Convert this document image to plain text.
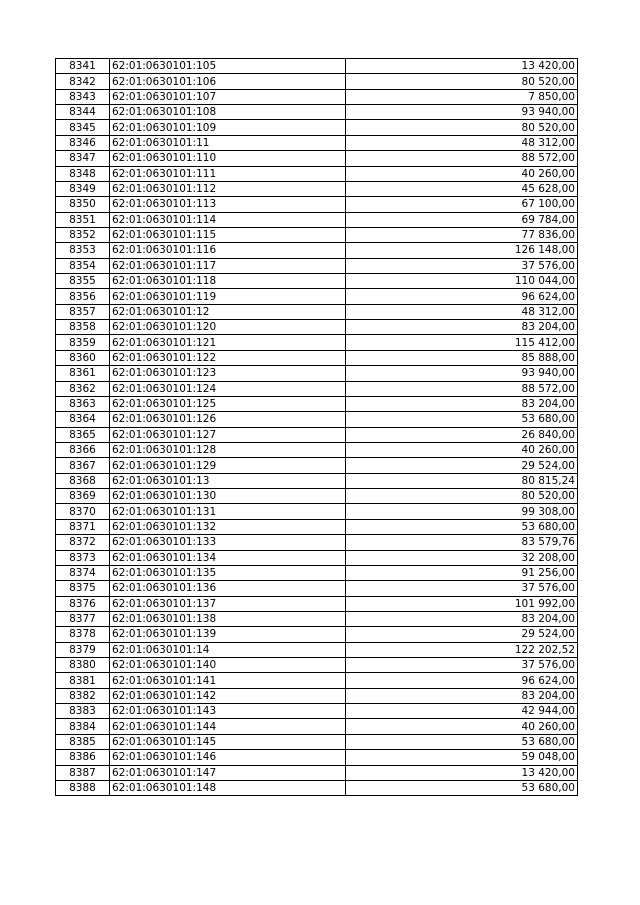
8341	62:01:0630101:105	13 420,00
8342	62:01:0630101:106	80 520,00
8343	62:01:0630101:107	7 850,00
8344	62:01:0630101:108	93 940,00
8345	62:01:0630101:109	80 520,00
8346	62:01:0630101:11	48 312,00
8347	62:01:0630101:110	88 572,00
8348	62:01:0630101:111	40 260,00
8349	62:01:0630101:112	45 628,00
8350	62:01:0630101:113	67 100,00
8351	62:01:0630101:114	69 784,00
8352	62:01:0630101:115	77 836,00
8353	62:01:0630101:116	126 148,00
8354	62:01:0630101:117	37 576,00
8355	62:01:0630101:118	110 044,00
8356	62:01:0630101:119	96 624,00
8357	62:01:0630101:12	48 312,00
8358	62:01:0630101:120	83 204,00
8359	62:01:0630101:121	115 412,00
8360	62:01:0630101:122	85 888,00
8361	62:01:0630101:123	93 940,00
8362	62:01:0630101:124	88 572,00
8363	62:01:0630101:125	83 204,00
8364	62:01:0630101:126	53 680,00
8365	62:01:0630101:127	26 840,00
8366	62:01:0630101:128	40 260,00
8367	62:01:0630101:129	29 524,00
8368	62:01:0630101:13	80 815,24
8369	62:01:0630101:130	80 520,00
8370	62:01:0630101:131	99 308,00
8371	62:01:0630101:132	53 680,00
8372	62:01:0630101:133	83 579,76
8373	62:01:0630101:134	32 208,00
8374	62:01:0630101:135	91 256,00
8375	62:01:0630101:136	37 576,00
8376	62:01:0630101:137	101 992,00
8377	62:01:0630101:138	83 204,00
8378	62:01:0630101:139	29 524,00
8379	62:01:0630101:14	122 202,52
8380	62:01:0630101:140	37 576,00
8381	62:01:0630101:141	96 624,00
8382	62:01:0630101:142	83 204,00
8383	62:01:0630101:143	42 944,00
8384	62:01:0630101:144	40 260,00
8385	62:01:0630101:145	53 680,00
8386	62:01:0630101:146	59 048,00
8387	62:01:0630101:147	13 420,00
8388	62:01:0630101:148	53 680,00
